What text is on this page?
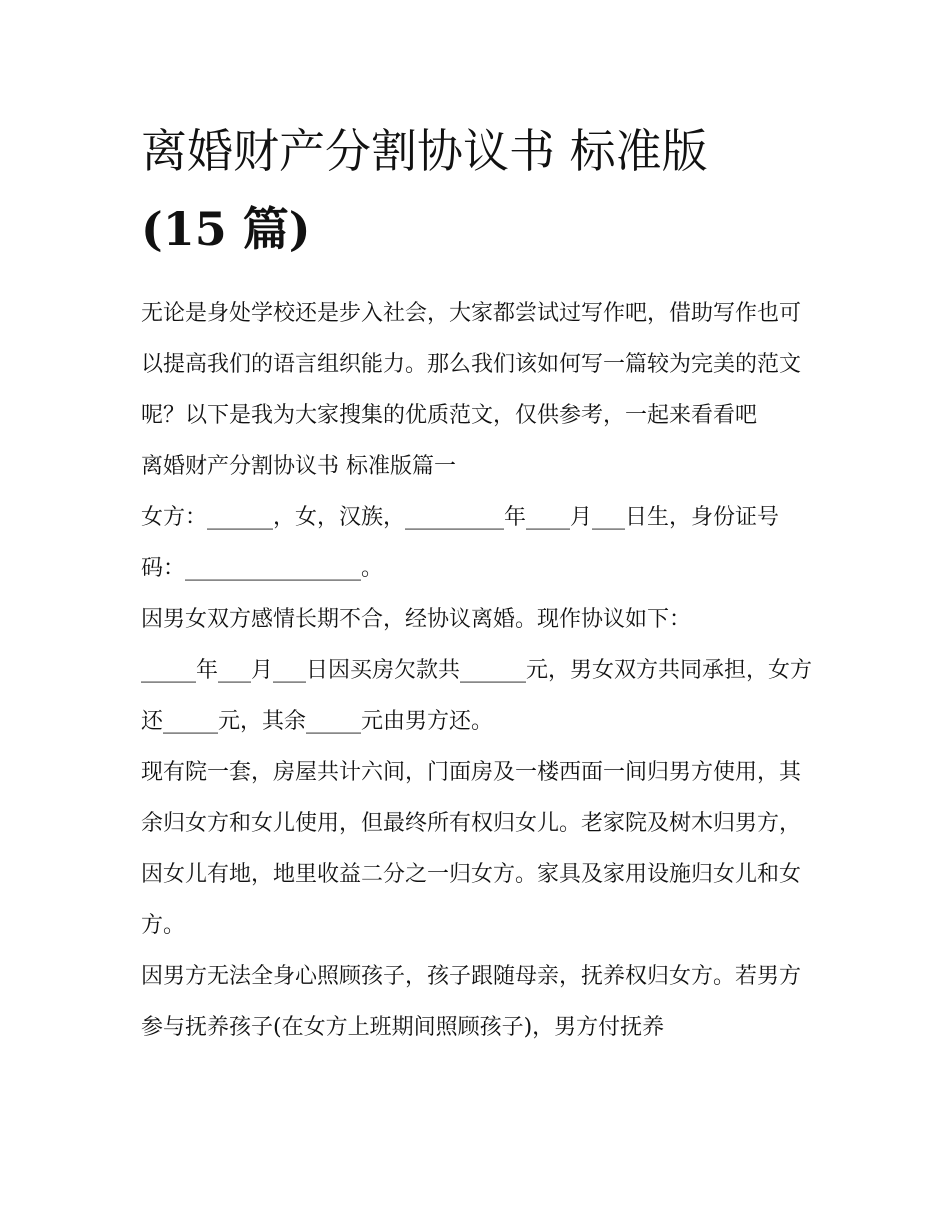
离婚财产分割协议书 标准版
(15 篇)

无论是身处学校还是步入社会，大家都尝试过写作吧，借助写作也可以提高我们的语言组织能力。那么我们该如何写一篇较为完美的范文呢？以下是我为大家搜集的优质范文，仅供参考，一起来看看吧

离婚财产分割协议书 标准版篇一

女方：______，女，汉族，_________年____月___日生，身份证号码：________________。

因男女双方感情长期不合，经协议离婚。现作协议如下：

_____年___月___日因买房欠款共______元，男女双方共同承担，女方还_____元，其余_____元由男方还。

现有院一套，房屋共计六间，门面房及一楼西面一间归男方使用，其余归女方和女儿使用，但最终所有权归女儿。老家院及树木归男方，因女儿有地，地里收益二分之一归女方。家具及家用设施归女儿和女方。

因男方无法全身心照顾孩子，孩子跟随母亲，抚养权归女方。若男方参与抚养孩子(在女方上班期间照顾孩子)，男方付抚养
